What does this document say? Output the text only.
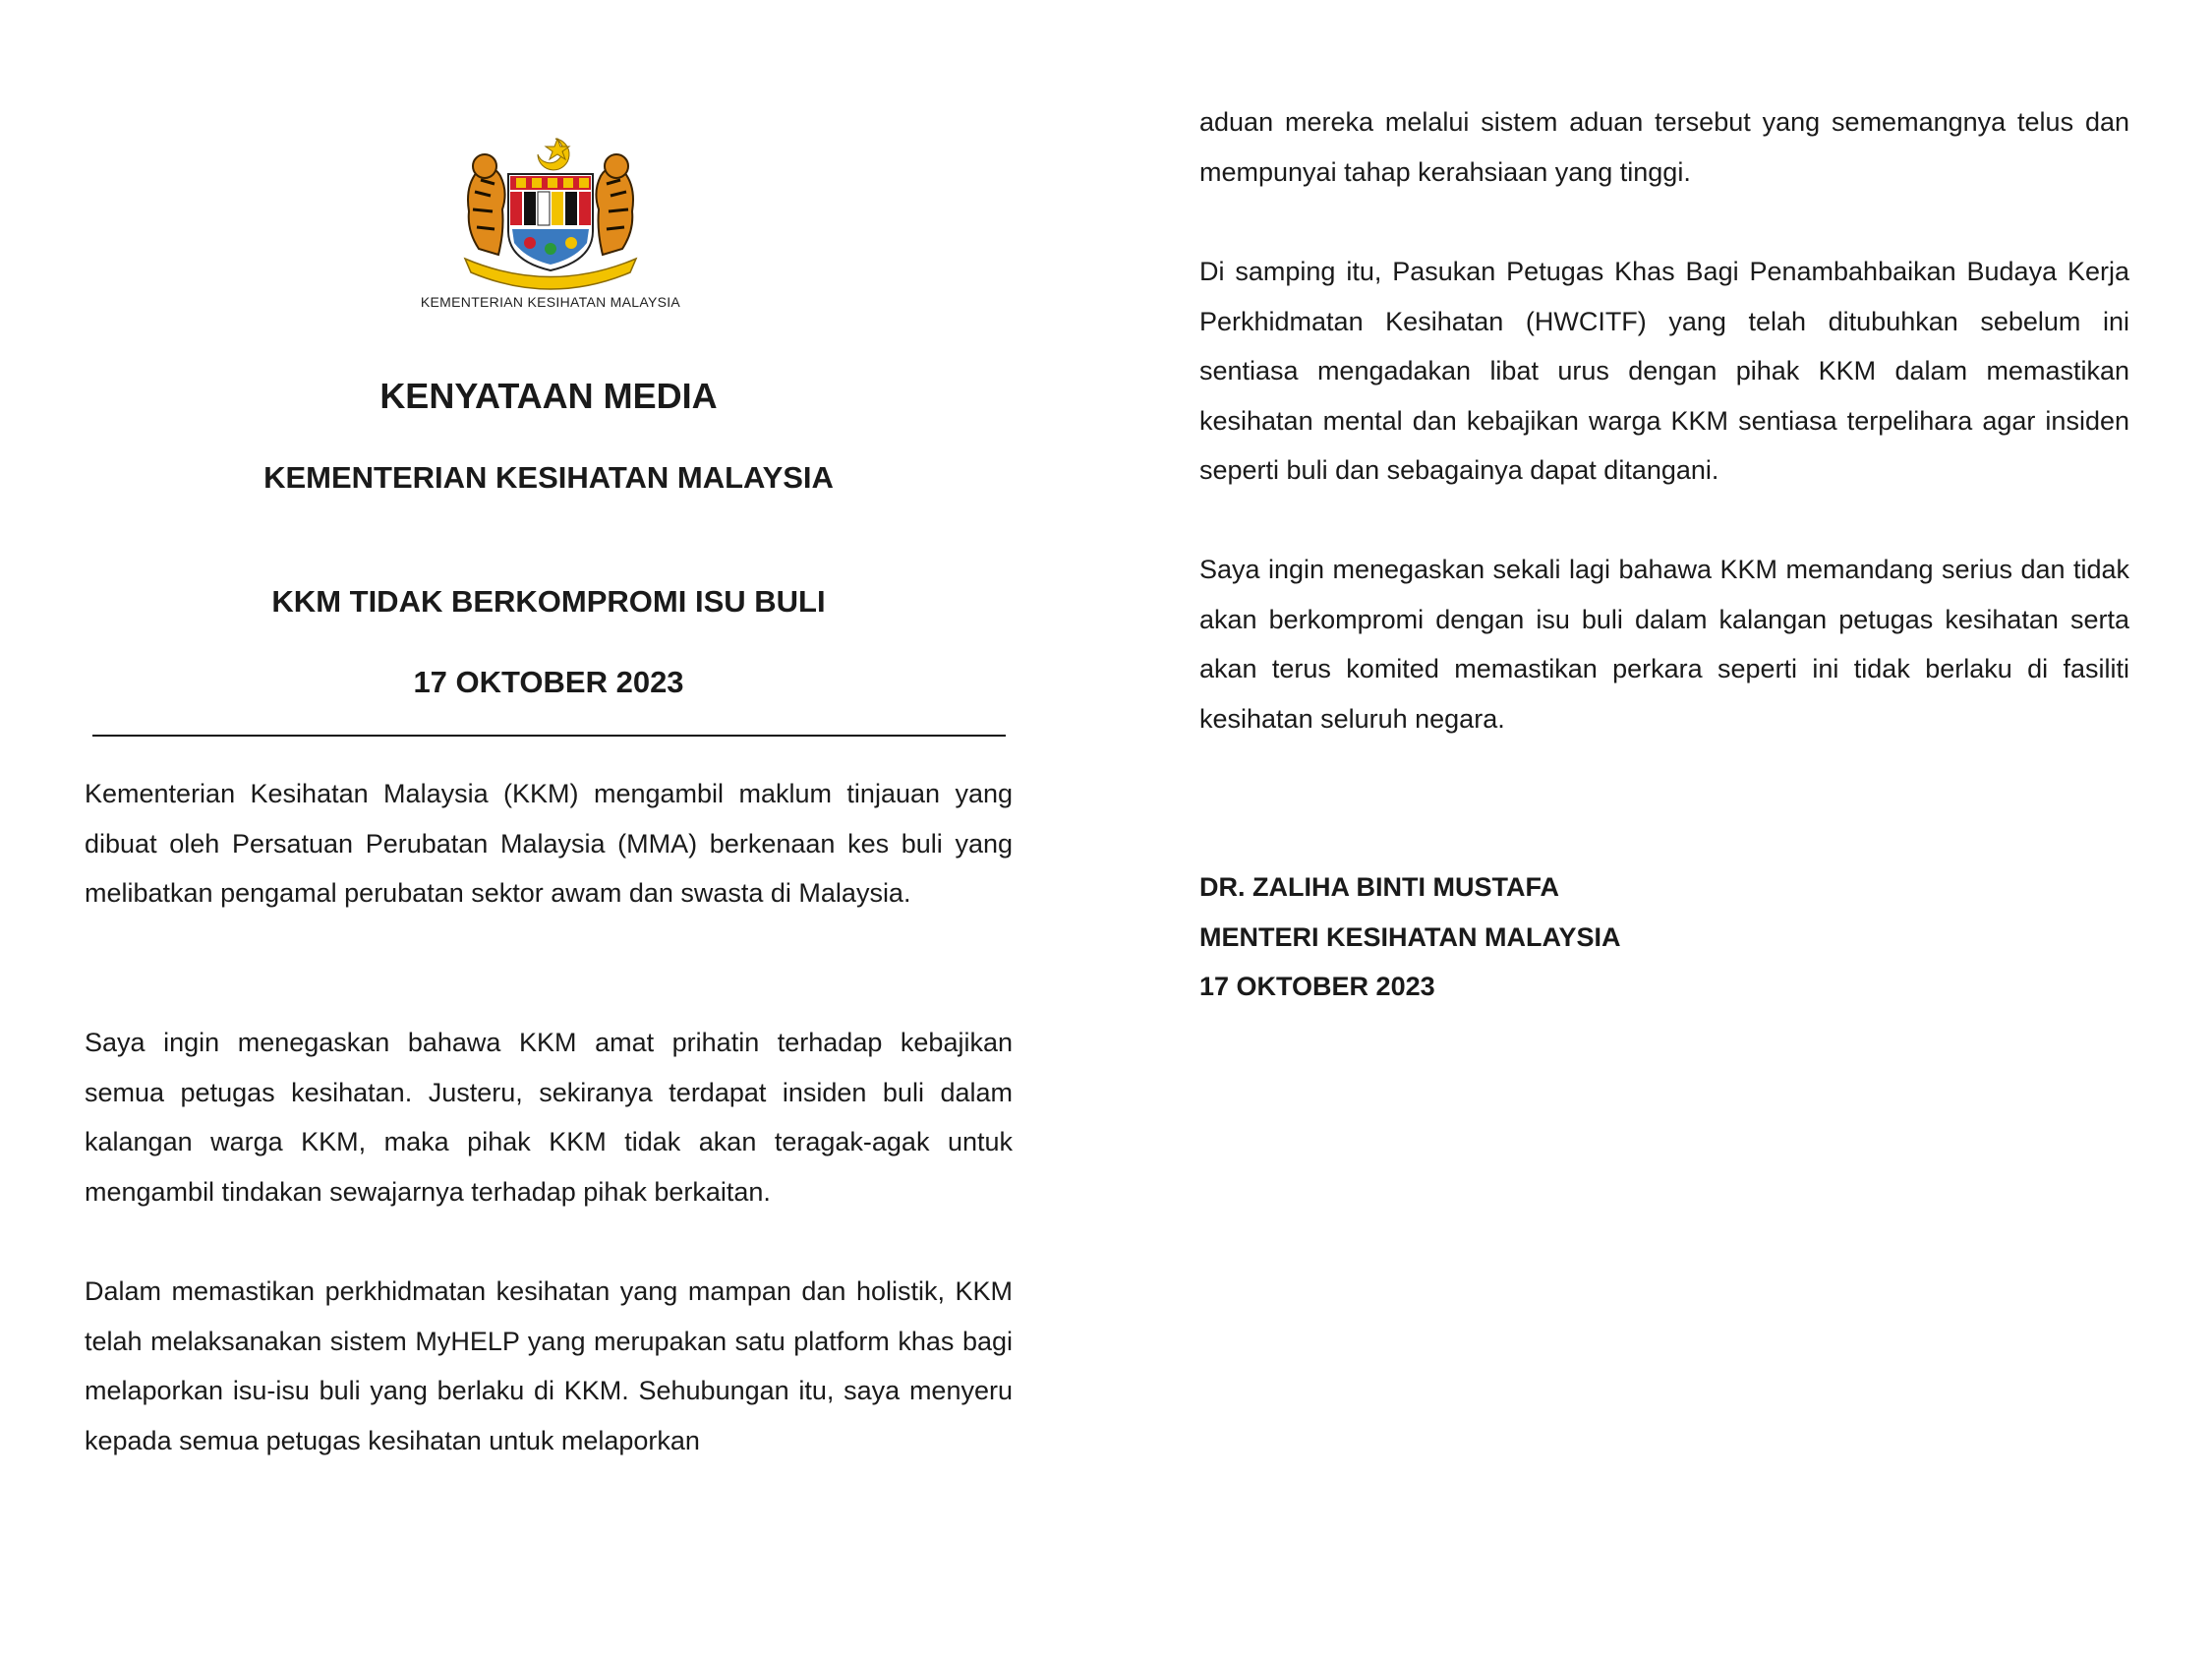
KEMENTERIAN KESIHATAN MALAYSIA
KENYATAAN MEDIA
KEMENTERIAN KESIHATAN MALAYSIA
KKM TIDAK BERKOMPROMI ISU BULI
17 OKTOBER 2023

Kementerian Kesihatan Malaysia (KKM) mengambil maklum tinjauan yang dibuat oleh Persatuan Perubatan Malaysia (MMA) berkenaan kes buli yang melibatkan pengamal perubatan sektor awam dan swasta di Malaysia.

Saya ingin menegaskan bahawa KKM amat prihatin terhadap kebajikan semua petugas kesihatan. Justeru, sekiranya terdapat insiden buli dalam kalangan warga KKM, maka pihak KKM tidak akan teragak-agak untuk mengambil tindakan sewajarnya terhadap pihak berkaitan.

Dalam memastikan perkhidmatan kesihatan yang mampan dan holistik, KKM telah melaksanakan sistem MyHELP yang merupakan satu platform khas bagi melaporkan isu-isu buli yang berlaku di KKM. Sehubungan itu, saya menyeru kepada semua petugas kesihatan untuk melaporkan

aduan mereka melalui sistem aduan tersebut yang sememangnya telus dan mempunyai tahap kerahsiaan yang tinggi.

Di samping itu, Pasukan Petugas Khas Bagi Penambahbaikan Budaya Kerja Perkhidmatan Kesihatan (HWCITF) yang telah ditubuhkan sebelum ini sentiasa mengadakan libat urus dengan pihak KKM dalam memastikan kesihatan mental dan kebajikan warga KKM sentiasa terpelihara agar insiden seperti buli dan sebagainya dapat ditangani.

Saya ingin menegaskan sekali lagi bahawa KKM memandang serius dan tidak akan berkompromi dengan isu buli dalam kalangan petugas kesihatan serta akan terus komited memastikan perkara seperti ini tidak berlaku di fasiliti kesihatan seluruh negara.

DR. ZALIHA BINTI MUSTAFA
MENTERI KESIHATAN MALAYSIA
17 OKTOBER 2023
